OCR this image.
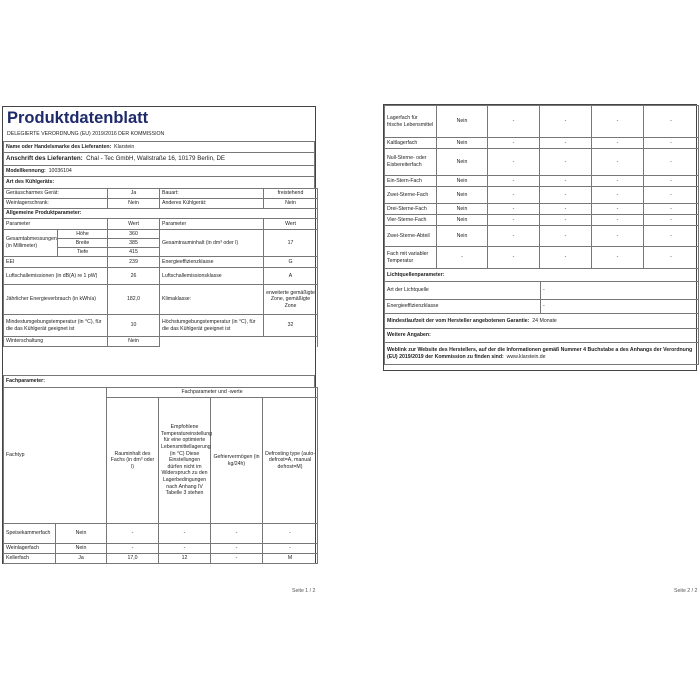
Produktdatenblatt
DELEGIERTE VERORDNUNG (EU) 2019/2016 DER KOMMISSION
Name oder Handelsmarke des Lieferanten: Klarstein
Anschrift des Lieferanten: Chal - Tec GmbH, Wallstraße 16, 10179 Berlin, DE
Modellkennung: 10036104
Art des Kühlgeräts:
Geräuscharmes Gerät:	Ja	Bauart:	freistehend
Weinlagerschrank:	Nein	Anderes Kühlgerät:	Nein
Allgemeine Produktparameter:			
Parameter		Wert	Parameter	Wert
Gesamtabmessungen (in Millimeter)	Höhe	360	Gesamtrauminhalt (in dm³ oder l)	17
	Breite	385		
	Tiefe	415		
EEI		239	Energieeffizienzklasse	G
Luftschallemissionen (in dB(A) re 1 pW)		26	Luftschallemissionsklasse	A
Jährlicher Energieverbrauch (in kWh/a)		182,0	Klimaklasse:	erweiterte gemäßigte Zone, gemäßigte Zone
Mindestumgebungstemperatur (in °C), für die das Kühlgerät geeignet ist		10	Höchstumgebungstemperatur (in °C), für die das Kühlgerät geeignet ist	32
Winterschaltung		Nein		
Fachparameter:
Fachtyp		Fachparameter und -werte			
		Rauminhalt des Fachs (in dm³ oder l)	Empfohlene Temperatureinstellung für eine optimierte Lebensmittellagerung (in °C) Diese Einstellungen dürfen nicht im Widerspruch zu den Lagerbedingungen nach Anhang IV Tabelle 3 stehen	Gefriervermögen (in kg/24h)	Defrosting type (auto-defrost=A, manual defrost=M)
Speisekammerfach	Nein	-	-	-	-
Weinlagerfach	Nein	-	-	-	-
Kellerfach	Ja	17,0	12	-	M
Seite 1 / 2
Lagerfach für frische Lebensmittel	Nein	-	-	-	-
Kaltlagerfach	Nein	-	-	-	-
Null-Sterne- oder Eisbereiterfach	Nein	-	-	-	-
Ein-Stern-Fach	Nein	-	-	-	-
Zwei-Sterne-Fach	Nein	-	-	-	-
Drei-Sterne-Fach	Nein	-	-	-	-
Vier-Sterne-Fach	Nein	-	-	-	-
Zwei-Sterne-Abteil	Nein	-	-	-	-
Fach mit variabler Temperatur	-	-	-	-	-
Lichtquellenparameter:	
Art der Lichtquelle	-
Energieeffizienzklasse	-
Mindestlaufzeit der vom Hersteller angebotenen Garantie: 24 Monate	
Weitere Angaben:	
Weblink zur Website des Herstellers, auf der die Informationen gemäß Nummer 4 Buchstabe a des Anhangs der Verordnung (EU) 2019/2019 der Kommission zu finden sind: www.klarstein.de	
Seite 2 / 2
